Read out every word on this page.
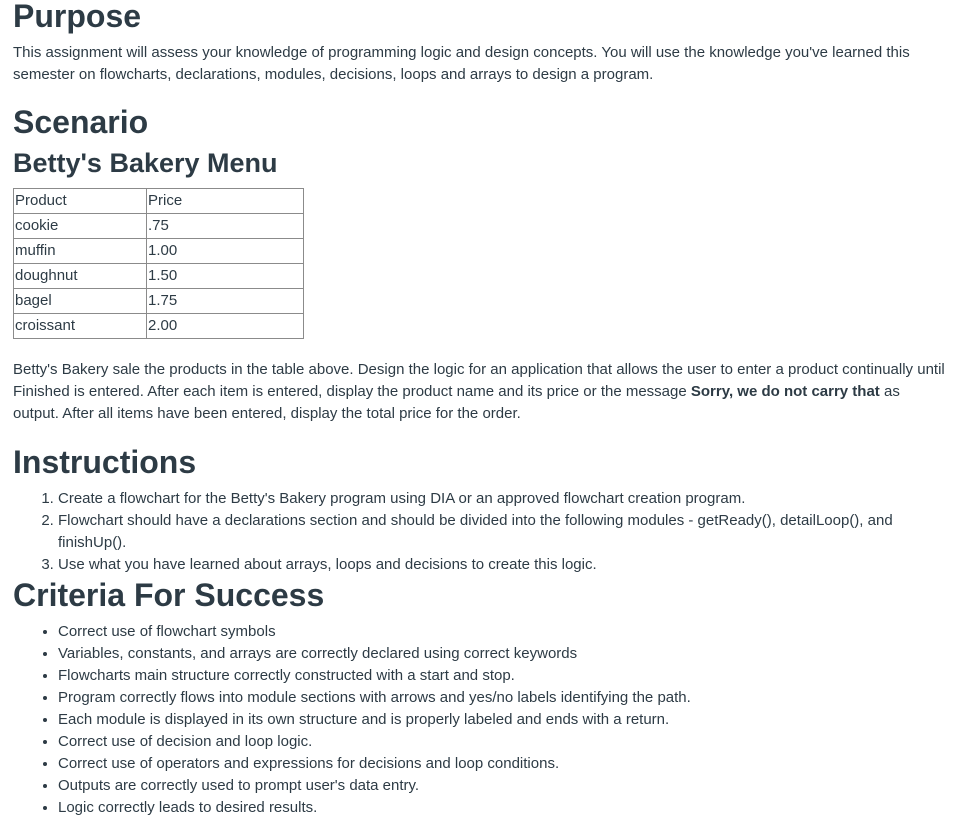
Purpose

This assignment will assess your knowledge of programming logic and design concepts. You will use the knowledge you've learned this semester on flowcharts, declarations, modules, decisions, loops and arrays to design a program.

Scenario
Betty's Bakery Menu
Product	Price
cookie	.75
muffin	1.00
doughnut	1.50
bagel	1.75
croissant	2.00

Betty's Bakery sale the products in the table above. Design the logic for an application that allows the user to enter a product continually until Finished is entered. After each item is entered, display the product name and its price or the message Sorry, we do not carry that as output. After all items have been entered, display the total price for the order.

Instructions
1. Create a flowchart for the Betty's Bakery program using DIA or an approved flowchart creation program.
2. Flowchart should have a declarations section and should be divided into the following modules - getReady(), detailLoop(), and finishUp().
3. Use what you have learned about arrays, loops and decisions to create this logic.
Criteria For Success
• Correct use of flowchart symbols
• Variables, constants, and arrays are correctly declared using correct keywords
• Flowcharts main structure correctly constructed with a start and stop.
• Program correctly flows into module sections with arrows and yes/no labels identifying the path.
• Each module is displayed in its own structure and is properly labeled and ends with a return.
• Correct use of decision and loop logic.
• Correct use of operators and expressions for decisions and loop conditions.
• Outputs are correctly used to prompt user's data entry.
• Logic correctly leads to desired results.
